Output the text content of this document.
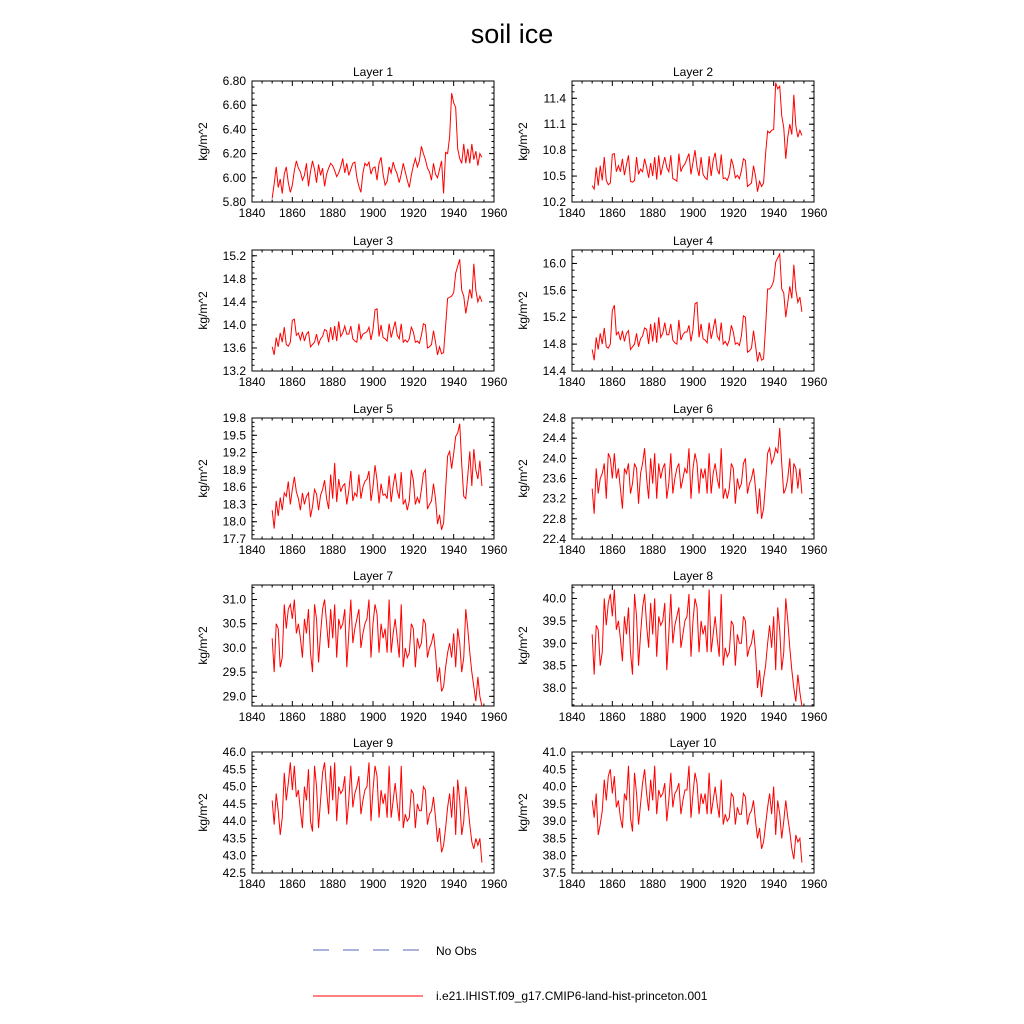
soil ice
Layer 1
kg/m^2
1840 1860 1880 1900 1920 1940 1960
5.80
6.00
6.20
6.40
6.60
6.80
Layer 2
kg/m^2
1840 1860 1880 1900 1920 1940 1960
10.2
10.5
10.8
11.1
11.4
Layer 3
kg/m^2
1840 1860 1880 1900 1920 1940 1960
13.2
13.6
14.0
14.4
14.8
15.2
Layer 4
kg/m^2
1840 1860 1880 1900 1920 1940 1960
14.4
14.8
15.2
15.6
16.0
Layer 5
kg/m^2
1840 1860 1880 1900 1920 1940 1960
17.7
18.0
18.3
18.6
18.9
19.2
19.5
19.8
Layer 6
kg/m^2
1840 1860 1880 1900 1920 1940 1960
22.4
22.8
23.2
23.6
24.0
24.4
24.8
Layer 7
kg/m^2
1840 1860 1880 1900 1920 1940 1960
29.0
29.5
30.0
30.5
31.0
Layer 8
kg/m^2
1840 1860 1880 1900 1920 1940 1960
38.0
38.5
39.0
39.5
40.0
Layer 9
kg/m^2
1840 1860 1880 1900 1920 1940 1960
42.5
43.0
43.5
44.0
44.5
45.0
45.5
46.0
Layer 10
kg/m^2
1840 1860 1880 1900 1920 1940 1960
37.5
38.0
38.5
39.0
39.5
40.0
40.5
41.0
No Obs
i.e21.IHIST.f09_g17.CMIP6-land-hist-princeton.001
